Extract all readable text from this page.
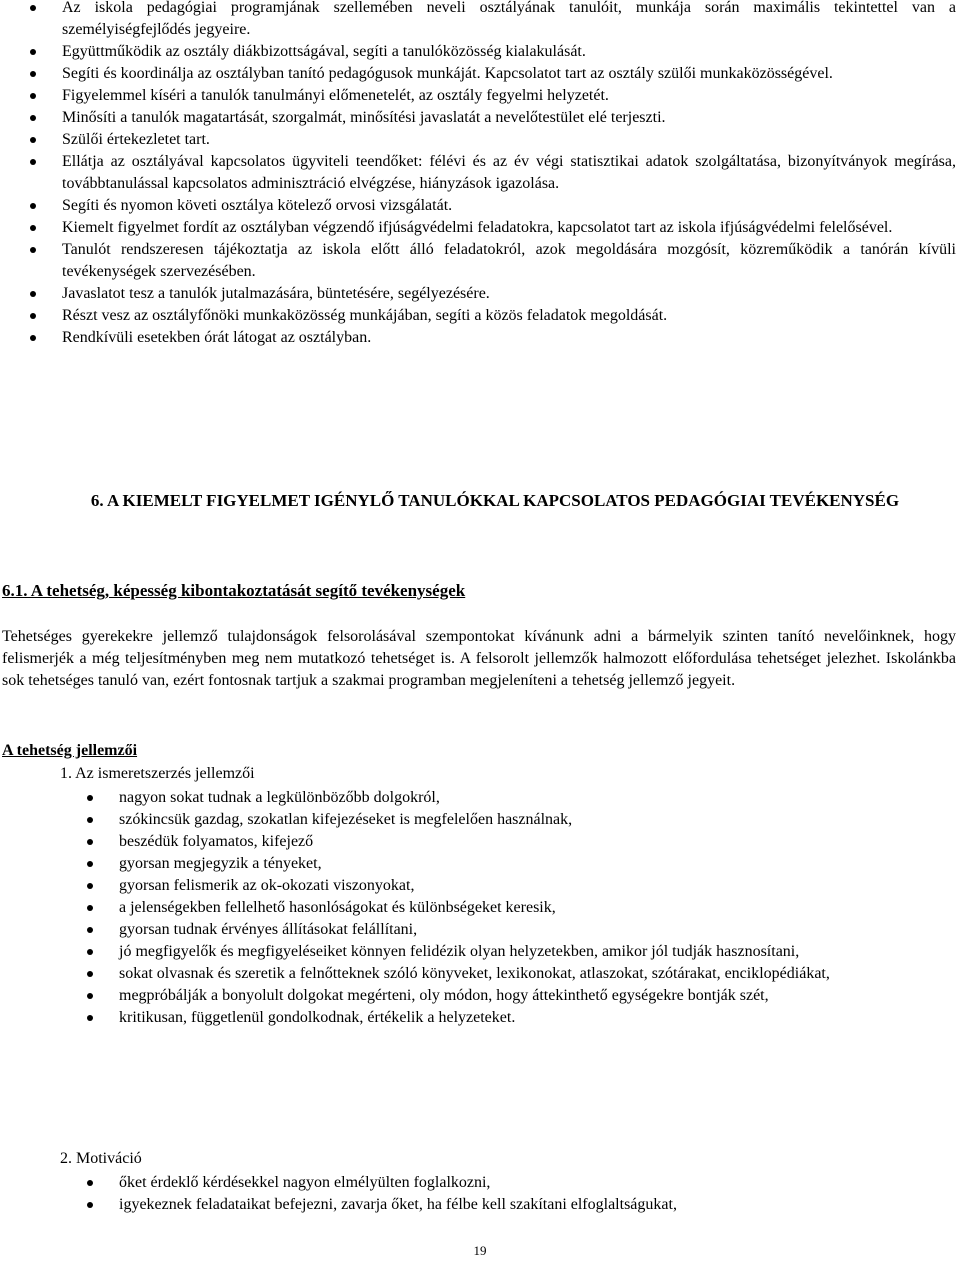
Az iskola pedagógiai programjának szellemében neveli osztályának tanulóit, munkája során maximális tekintettel van a személyiségfejlődés jegyeire.
Együttműködik az osztály diákbizottságával, segíti a tanulóközösség kialakulását.
Segíti és koordinálja az osztályban tanító pedagógusok munkáját. Kapcsolatot tart az osztály szülői munkaközösségével.
Figyelemmel kíséri a tanulók tanulmányi előmenetelét, az osztály fegyelmi helyzetét.
Minősíti a tanulók magatartását, szorgalmát, minősítési javaslatát a nevelőtestület elé terjeszti.
Szülői értekezletet tart.
Ellátja az osztályával kapcsolatos ügyviteli teendőket: félévi és az év végi statisztikai adatok szolgáltatása, bizonyítványok megírása, továbbtanulással kapcsolatos adminisztráció elvégzése, hiányzások igazolása.
Segíti és nyomon követi osztálya kötelező orvosi vizsgálatát.
Kiemelt figyelmet fordít az osztályban végzendő ifjúságvédelmi feladatokra, kapcsolatot tart az iskola ifjúságvédelmi felelősével.
Tanulót rendszeresen tájékoztatja az iskola előtt álló feladatokról, azok megoldására mozgósít, közreműködik a tanórán kívüli tevékenységek szervezésében.
Javaslatot tesz a tanulók jutalmazására, büntetésére, segélyezésére.
Részt vesz az osztályfőnöki munkaközösség munkájában, segíti a közös feladatok megoldását.
Rendkívüli esetekben órát látogat az osztályban.
6. A KIEMELT FIGYELMET IGÉNYLŐ TANULÓKKAL KAPCSOLATOS PEDAGÓGIAI TEVÉKENYSÉG
6.1. A tehetség, képesség kibontakoztatását segítő tevékenységek

Tehetséges gyerekekre jellemző tulajdonságok felsorolásával szempontokat kívánunk adni a bármelyik szinten tanító nevelőinknek, hogy felismerjék a még teljesítményben meg nem mutatkozó tehetséget is. A felsorolt jellemzők halmozott előfordulása tehetséget jelezhet. Iskolánkba sok tehetséges tanuló van, ezért fontosnak tartjuk a szakmai programban megjeleníteni a tehetség jellemző jegyeit.

A tehetség jellemzői
1. Az ismeretszerzés jellemzői
nagyon sokat tudnak a legkülönbözőbb dolgokról,
szókincsük gazdag, szokatlan kifejezéseket is megfelelően használnak,
beszédük folyamatos, kifejező
gyorsan megjegyzik a tényeket,
gyorsan felismerik az ok-okozati viszonyokat,
a jelenségekben fellelhető hasonlóságokat és különbségeket keresik,
gyorsan tudnak érvényes állításokat felállítani,
jó megfigyelők és megfigyeléseiket könnyen felidézik olyan helyzetekben, amikor jól tudják hasznosítani,
sokat olvasnak és szeretik a felnőtteknek szóló könyveket, lexikonokat, atlaszokat, szótárakat, enciklopédiákat,
megpróbálják a bonyolult dolgokat megérteni, oly módon, hogy áttekinthető egységekre bontják szét,
kritikusan, függetlenül gondolkodnak, értékelik a helyzeteket.
2. Motiváció
őket érdeklő kérdésekkel nagyon elmélyülten foglalkozni,
igyekeznek feladataikat befejezni, zavarja őket, ha félbe kell szakítani elfoglaltságukat,
19
